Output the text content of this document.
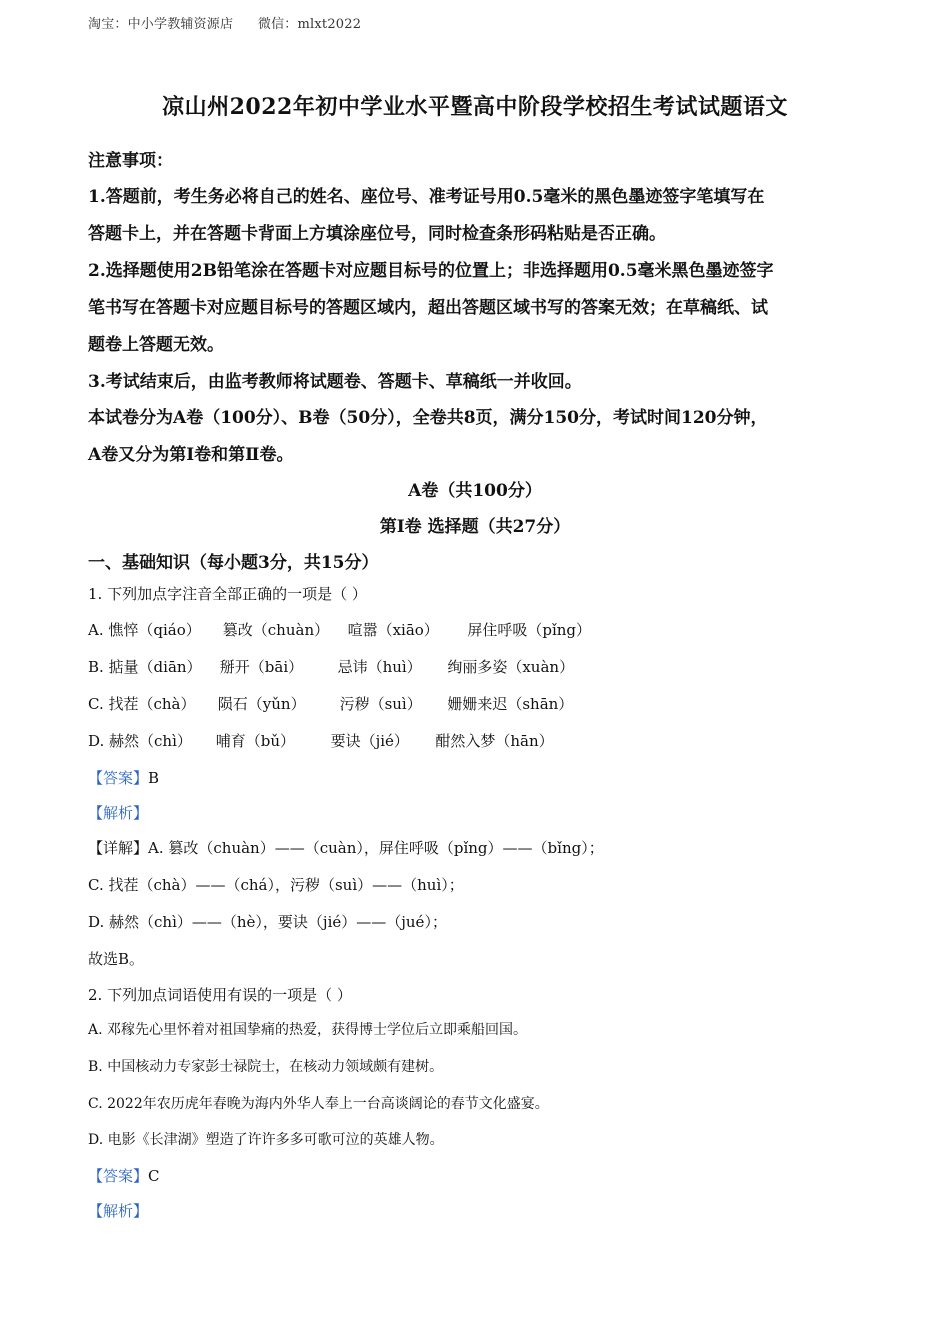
淘宝：中小学教辅资源店 微信：mlxt2022
凉山州2022年初中学业水平暨高中阶段学校招生考试试题语文
注意事项：
1.答题前，考生务必将自己的姓名、座位号、准考证号用0.5毫米的黑色墨迹签字笔填写在
答题卡上，并在答题卡背面上方填涂座位号，同时检查条形码粘贴是否正确。
2.选择题使用2B铅笔涂在答题卡对应题目标号的位置上；非选择题用0.5毫米黑色墨迹签字
笔书写在答题卡对应题目标号的答题区域内，超出答题区域书写的答案无效；在草稿纸、试
题卷上答题无效。
3.考试结束后，由监考教师将试题卷、答题卡、草稿纸一并收回。
本试卷分为A卷（100分）、B卷（50分），全卷共8页，满分150分，考试时间120分钟，
A卷又分为第Ⅰ卷和第Ⅱ卷。
A卷（共100分）
第Ⅰ卷 选择题（共27分）
一、基础知识（每小题3分，共15分）
1. 下列加点字注音全部正确的一项是（ ）
A. 憔悴（qiáo） 篡改（chuàn） 喧嚣（xiāo） 屏住呼吸（pǐng）
B. 掂量（diān） 掰开（bāi） 忌讳（huì） 绚丽多姿（xuàn）
C. 找茬（chà） 陨石（yǔn） 污秽（suì） 姗姗来迟（shān）
D. 赫然（chì） 哺育（bǔ） 要诀（jié） 酣然入梦（hān）
【答案】B
【解析】
【详解】A. 篡改（chuàn）——（cuàn），屏住呼吸（pǐng）——（bǐng）；
C. 找茬（chà）——（chá），污秽（suì）——（huì）；
D. 赫然（chì）——（hè），要诀（jié）——（jué）；
故选B。
2. 下列加点词语使用有误的一项是（ ）
A. 邓稼先心里怀着对祖国挚痛的热爱，获得博士学位后立即乘船回国。
B. 中国核动力专家彭士禄院士，在核动力领域颇有建树。
C. 2022年农历虎年春晚为海内外华人奉上一台高谈阔论的春节文化盛宴。
D. 电影《长津湖》塑造了许许多多可歌可泣的英雄人物。
【答案】C
【解析】
